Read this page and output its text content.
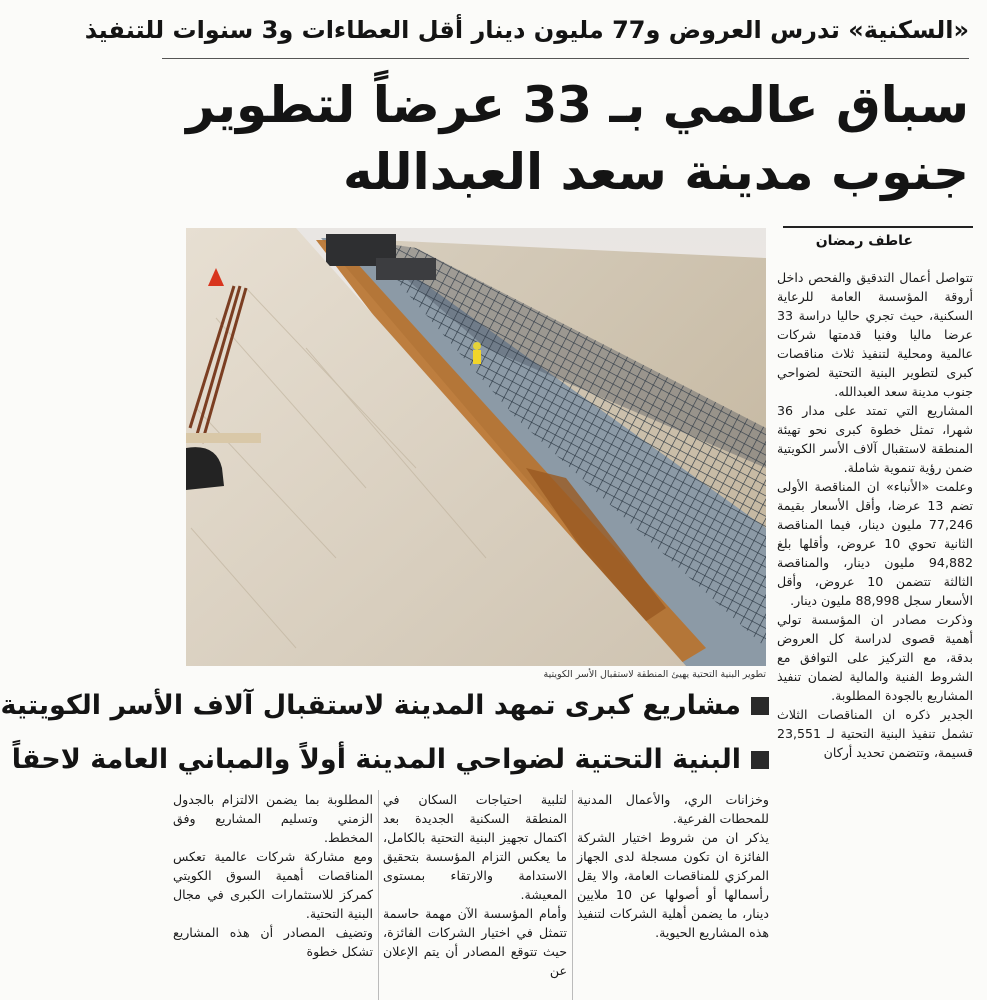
«السكنية» تدرس العروض و77 مليون دينار أقل العطاءات و3 سنوات للتنفيذ
سباق عالمي بـ 33 عرضاً لتطوير
جنوب مدينة سعد العبدالله
عاطف رمضان
تطوير البنية التحتية يهيئ المنطقة لاستقبال الأسر الكويتية
مشاريع كبرى تمهد المدينة لاستقبال آلاف الأسر الكويتية
البنية التحتية لضواحي المدينة أولاً والمباني العامة لاحقاً

تتواصل أعمال التدقيق والفحص داخل أروقة المؤسسة العامة للرعاية السكنية، حيث تجري حاليا دراسة 33 عرضا ماليا وفنيا قدمتها شركات عالمية ومحلية لتنفيذ ثلاث مناقصات كبرى لتطوير البنية التحتية لضواحي جنوب مدينة سعد العبدالله.

المشاريع التي تمتد على مدار 36 شهرا، تمثل خطوة كبرى نحو تهيئة المنطقة لاستقبال آلاف الأسر الكويتية ضمن رؤية تنموية شاملة.

وعلمت «الأنباء» ان المناقصة الأولى تضم 13 عرضا، وأقل الأسعار بقيمة 77,246 مليون دينار، فيما المناقصة الثانية تحوي 10 عروض، وأقلها بلغ 94,882 مليون دينار، والمناقصة الثالثة تتضمن 10 عروض، وأقل الأسعار سجل 88,998 مليون دينار.

وذكرت مصادر ان المؤسسة تولي أهمية قصوى لدراسة كل العروض بدقة، مع التركيز على التوافق مع الشروط الفنية والمالية لضمان تنفيذ المشاريع بالجودة المطلوبة.

الجدير ذكره ان المناقصات الثلاث تشمل تنفيذ البنية التحتية لـ 23,551 قسيمة، وتتضمن تحديد أركان

وخزانات الري، والأعمال المدنية للمحطات الفرعية.

يذكر ان من شروط اختيار الشركة الفائزة ان تكون مسجلة لدى الجهاز المركزي للمناقصات العامة، والا يقل رأسمالها أو أصولها عن 10 ملايين دينار، ما يضمن أهلية الشركات لتنفيذ هذه المشاريع الحيوية.

لتلبية احتياجات السكان في المنطقة السكنية الجديدة بعد اكتمال تجهيز البنية التحتية بالكامل، ما يعكس التزام المؤسسة بتحقيق الاستدامة والارتقاء بمستوى المعيشة.

وأمام المؤسسة الآن مهمة حاسمة تتمثل في اختيار الشركات الفائزة، حيث تتوقع المصادر أن يتم الإعلان عن

المطلوبة بما يضمن الالتزام بالجدول الزمني وتسليم المشاريع وفق المخطط.

ومع مشاركة شركات عالمية تعكس المناقصات أهمية السوق الكويتي كمركز للاستثمارات الكبرى في مجال البنية التحتية.

وتضيف المصادر أن هذه المشاريع تشكل خطوة
